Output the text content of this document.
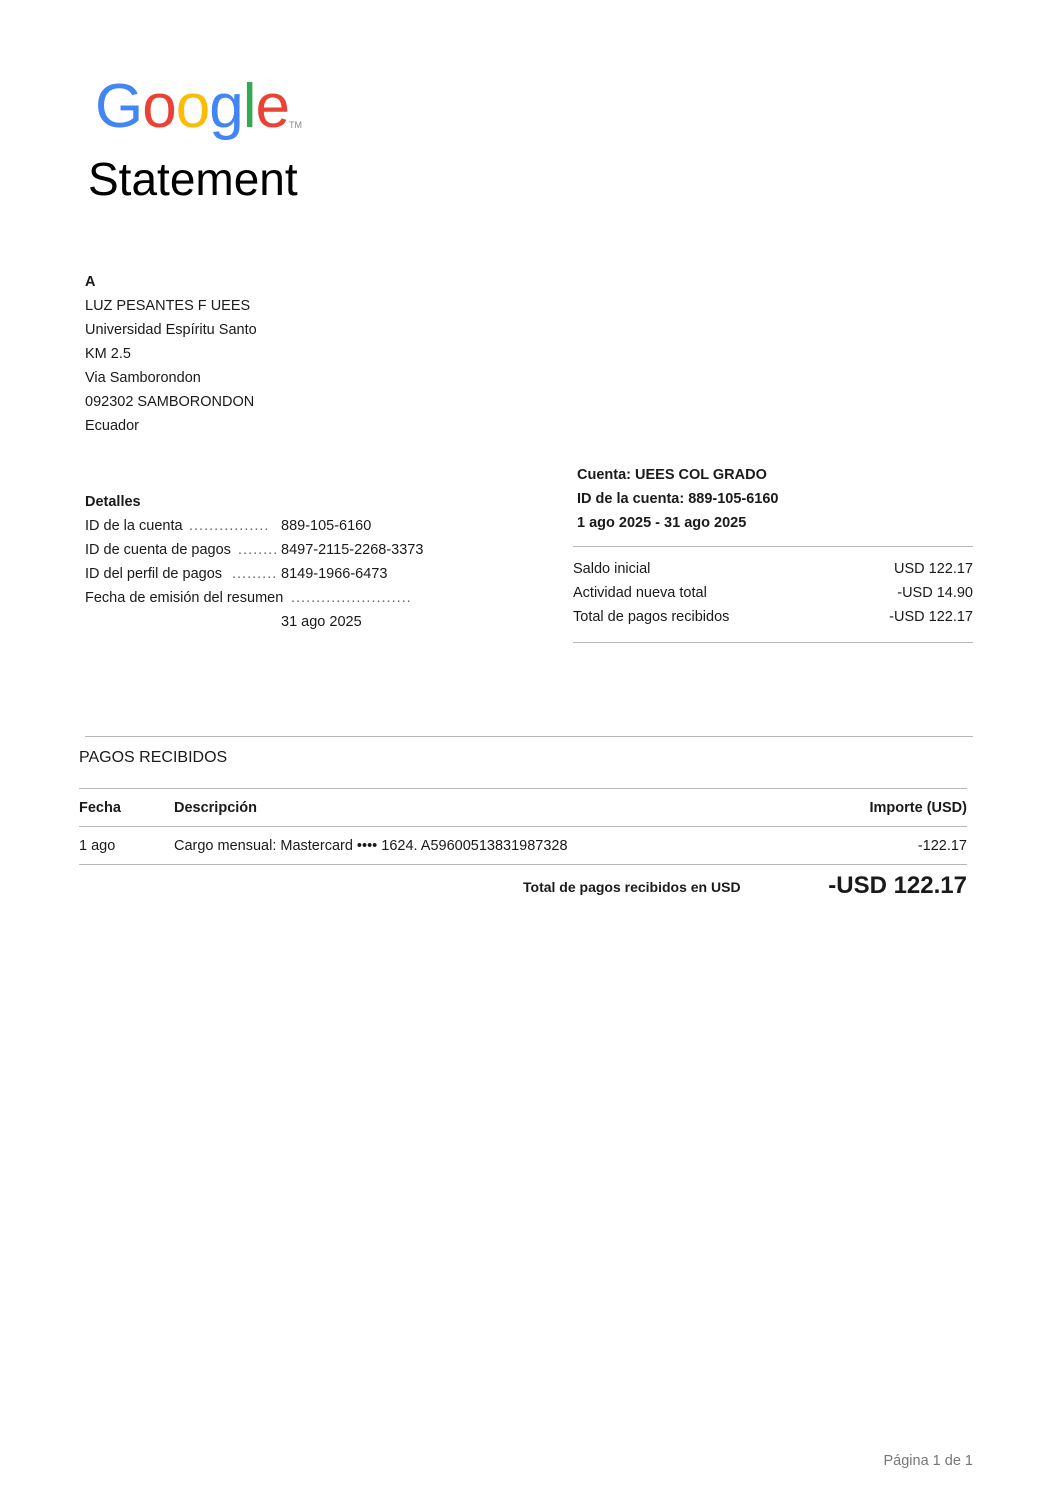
Google™
Statement
A
LUZ PESANTES F UEES
Universidad Espíritu Santo
KM 2.5
Via Samborondon
092302 SAMBORONDON
Ecuador
Detalles
ID de la cuenta ................ 889-105-6160
ID de cuenta de pagos ........ 8497-2115-2268-3373
ID del perfil de pagos ......... 8149-1966-6473
Fecha de emisión del resumen ........................
31 ago 2025
Cuenta: UEES COL GRADO
ID de la cuenta: 889-105-6160
1 ago 2025 - 31 ago 2025
Saldo inicial	USD 122.17
Actividad nueva total	-USD 14.90
Total de pagos recibidos	-USD 122.17
PAGOS RECIBIDOS
Fecha	Descripción	Importe (USD)
1 ago	Cargo mensual: Mastercard •••• 1624. A59600513831987328	-122.17
Total de pagos recibidos en USD	-USD 122.17
Página 1 de 1
